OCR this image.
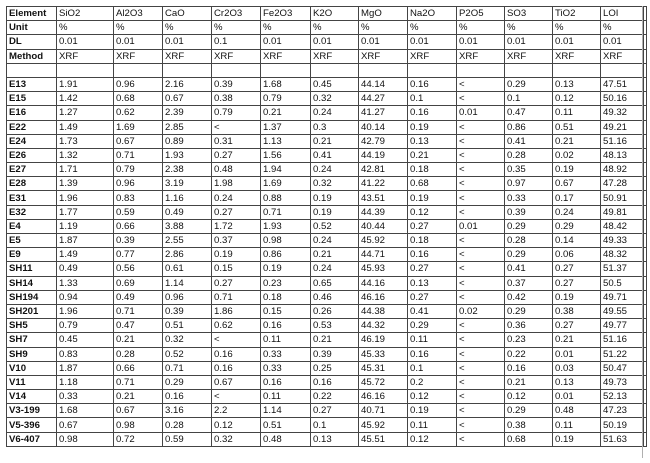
Element	SiO2	Al2O3	CaO	Cr2O3	Fe2O3	K2O	MgO	Na2O	P2O5	SO3	TiO2	LOI	
Unit	%	%	%	%	%	%	%	%	%	%	%	%	
DL	0.01	0.01	0.01	0.1	0.01	0.01	0.01	0.01	0.01	0.01	0.01	0.01	
Method	XRF	XRF	XRF	XRF	XRF	XRF	XRF	XRF	XRF	XRF	XRF	XRF	

E13	1.91	0.96	2.16	0.39	1.68	0.45	44.14	0.16	<	0.29	0.13	47.51	
E15	1.42	0.68	0.67	0.38	0.79	0.32	44.27	0.1	<	0.1	0.12	50.16	
E16	1.27	0.62	2.39	0.79	0.21	0.24	41.27	0.16	0.01	0.47	0.11	49.32	
E22	1.49	1.69	2.85	<	1.37	0.3	40.14	0.19	<	0.86	0.51	49.21	
E24	1.73	0.67	0.89	0.31	1.13	0.21	42.79	0.13	<	0.41	0.21	51.16	
E26	1.32	0.71	1.93	0.27	1.56	0.41	44.19	0.21	<	0.28	0.02	48.13	
E27	1.71	0.79	2.38	0.48	1.94	0.24	42.81	0.18	<	0.35	0.19	48.92	
E28	1.39	0.96	3.19	1.98	1.69	0.32	41.22	0.68	<	0.97	0.67	47.28	
E31	1.96	0.83	1.16	0.24	0.88	0.19	43.51	0.19	<	0.33	0.17	50.91	
E32	1.77	0.59	0.49	0.27	0.71	0.19	44.39	0.12	<	0.39	0.24	49.81	
E4	1.19	0.66	3.88	1.72	1.93	0.52	40.44	0.27	0.01	0.29	0.29	48.42	
E5	1.87	0.39	2.55	0.37	0.98	0.24	45.92	0.18	<	0.28	0.14	49.33	
E9	1.49	0.77	2.86	0.19	0.86	0.21	44.71	0.16	<	0.29	0.06	48.32	
SH11	0.49	0.56	0.61	0.15	0.19	0.24	45.93	0.27	<	0.41	0.27	51.37	
SH14	1.33	0.69	1.14	0.27	0.23	0.65	44.16	0.13	<	0.37	0.27	50.5	
SH194	0.94	0.49	0.96	0.71	0.18	0.46	46.16	0.27	<	0.42	0.19	49.71	
SH201	1.96	0.71	0.39	1.86	0.15	0.26	44.38	0.41	0.02	0.29	0.38	49.55	
SH5	0.79	0.47	0.51	0.62	0.16	0.53	44.32	0.29	<	0.36	0.27	49.77	
SH7	0.45	0.21	0.32	<	0.11	0.21	46.19	0.11	<	0.23	0.21	51.16	
SH9	0.83	0.28	0.52	0.16	0.33	0.39	45.33	0.16	<	0.22	0.01	51.22	
V10	1.87	0.66	0.71	0.16	0.33	0.25	45.31	0.1	<	0.16	0.03	50.47	
V11	1.18	0.71	0.29	0.67	0.16	0.16	45.72	0.2	<	0.21	0.13	49.73	
V14	0.33	0.21	0.16	<	0.11	0.22	46.16	0.12	<	0.12	0.01	52.13	
V3-199	1.68	0.67	3.16	2.2	1.14	0.27	40.71	0.19	<	0.29	0.48	47.23	
V5-396	0.67	0.98	0.28	0.12	0.51	0.1	45.92	0.11	<	0.38	0.11	50.19	
V6-407	0.98	0.72	0.59	0.32	0.48	0.13	45.51	0.12	<	0.68	0.19	51.63	
